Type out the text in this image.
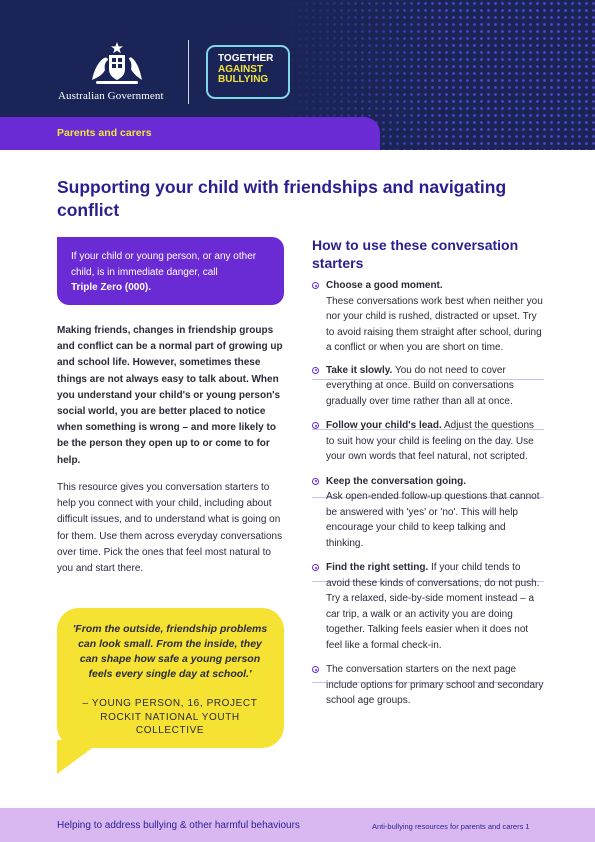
Australian Government
TOGETHER
AGAINST
BULLYING
Parents and carers
Supporting your child with friendships and navigating conflict
If your child or young person, or any other child, is in immediate danger, call
Triple Zero (000).

Making friends, changes in friendship groups and conflict can be a normal part of growing up and school life. However, sometimes these things are not always easy to talk about. When you understand your child's or young person's social world, you are better placed to notice when something is wrong – and more likely to be the person they open up to or come to for help.

This resource gives you conversation starters to help you connect with your child, including about difficult issues, and to understand what is going on for them. Use them across everyday conversations over time. Pick the ones that feel most natural to you and start there.

'From the outside, friendship problems can look small. From the inside, they can shape how safe a young person feels every single day at school.'

– YOUNG PERSON, 16, PROJECT ROCKIT NATIONAL YOUTH COLLECTIVE

How to use these conversation starters
Choose a good moment.
These conversations work best when neither you nor your child is rushed, distracted or upset. Try to avoid raising them straight after school, during a conflict or when you are short on time.
Take it slowly. You do not need to cover everything at once. Build on conversations gradually over time rather than all at once.
Follow your child's lead. Adjust the questions to suit how your child is feeling on the day. Use your own words that feel natural, not scripted.
Keep the conversation going.
Ask open-ended follow-up questions that cannot be answered with 'yes' or 'no'. This will help encourage your child to keep talking and thinking.
Find the right setting. If your child tends to avoid these kinds of conversations, do not push. Try a relaxed, side-by-side moment instead – a car trip, a walk or an activity you are doing together. Talking feels easier when it does not feel like a formal check-in.
The conversation starters on the next page include options for primary school and secondary school age groups.
Helping to address bullying & other harmful behaviours	Anti-bullying resources for parents and carers 1
